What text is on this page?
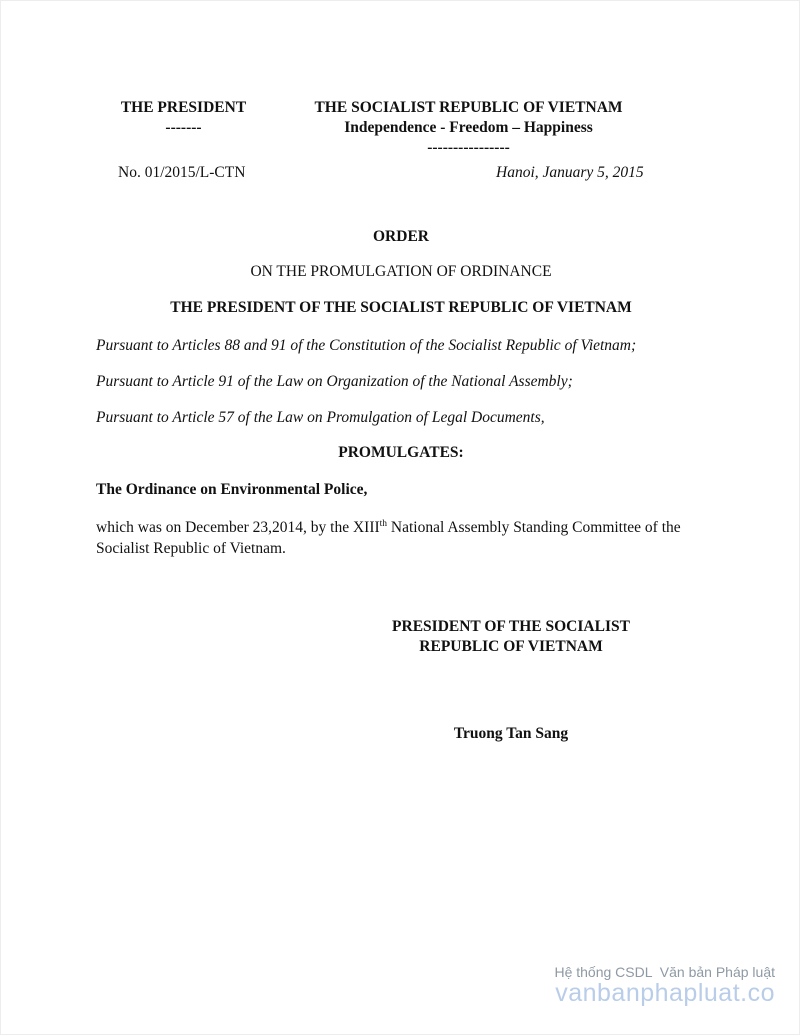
THE PRESIDENT
-------
THE SOCIALIST REPUBLIC OF VIETNAM
Independence - Freedom – Happiness
----------------
No. 01/2015/L-CTN	Hanoi, January 5, 2015
ORDER
ON THE PROMULGATION OF ORDINANCE
THE PRESIDENT OF THE SOCIALIST REPUBLIC OF VIETNAM
Pursuant to Articles 88 and 91 of the Constitution of the Socialist Republic of Vietnam;
Pursuant to Article 91 of the Law on Organization of the National Assembly;
Pursuant to Article 57 of the Law on Promulgation of Legal Documents,
PROMULGATES:
The Ordinance on Environmental Police,
which was on December 23,2014, by the XIIIth National Assembly Standing Committee of the Socialist Republic of Vietnam.
PRESIDENT OF THE SOCIALIST
REPUBLIC OF VIETNAM
Truong Tan Sang
Hệ thống CSDL  Văn bản Pháp luật
vanbanphapluat.co
